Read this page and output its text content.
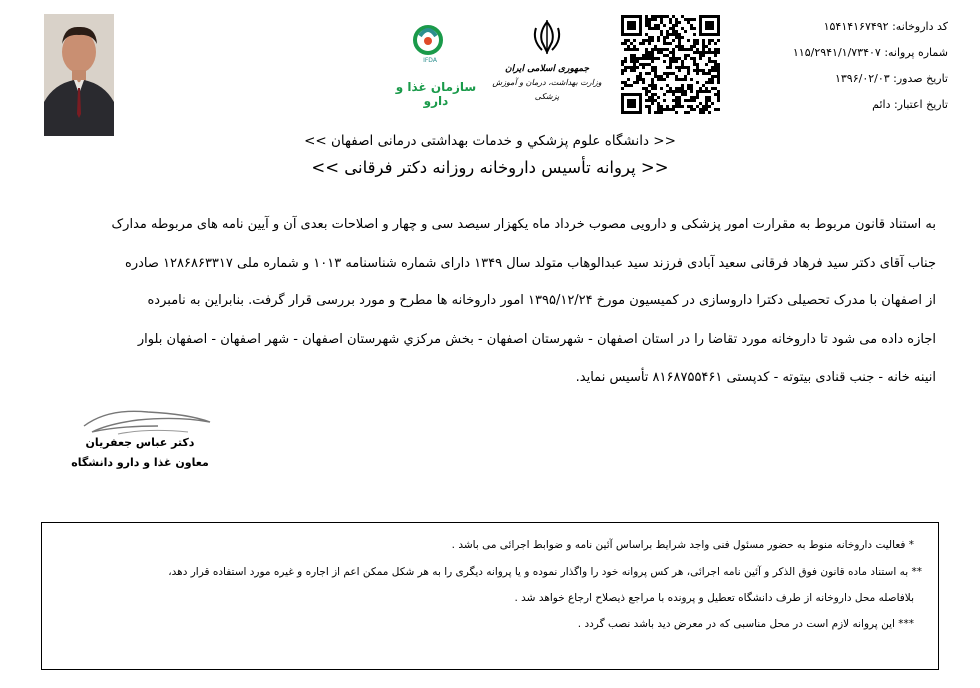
IFDA
سازمان غذا و دارو
جمهوری اسلامی ایران
وزارت بهداشت، درمان و آموزش پزشکی
کد داروخانه: ۱۵۴۱۴۱۶۷۴۹۲
شماره پروانه: ۱۱۵/۲۹۴۱/۱/۷۳۴۰۷
تاریخ صدور: ۱۳۹۶/۰۲/۰۳
تاریخ اعتبار: دائم
<< دانشگاه علوم پزشکي و خدمات بهداشتی درمانی اصفهان >>
<< پروانه تأسیس داروخانه روزانه دکتر فرقانی >>
به استناد قانون مربوط به مقرارت امور پزشکی و دارویی مصوب خرداد ماه یکهزار سیصد سی و چهار و اصلاحات بعدی آن و آیین نامه های مربوطه مدارک
جناب آقای دکتر سید فرهاد فرقانی سعید آبادی فرزند سید عبدالوهاب متولد سال ۱۳۴۹ دارای شماره شناسنامه ۱۰۱۳ و شماره ملی ۱۲۸۶۸۶۳۳۱۷ صادره
از اصفهان با مدرک تحصیلی دکترا داروسازی در کمیسیون مورخ ۱۳۹۵/۱۲/۲۴ امور داروخانه ها مطرح و مورد بررسی قرار گرفت. بنابراین به نامبرده
اجازه داده می شود تا داروخانه مورد تقاضا را در استان اصفهان - شهرستان اصفهان - بخش مرکزي شهرستان اصفهان - شهر اصفهان - اصفهان بلوار
انینه خانه - جنب قنادی بیتوته - کدپستی ۸۱۶۸۷۵۵۴۶۱ تأسیس نماید.
دکتر عباس جعفریان
معاون غذا و دارو دانشگاه
* فعالیت داروخانه منوط به حضور مسئول فنی واجد شرایط براساس آئین نامه و ضوابط اجرائی می باشد .
** به استناد ماده قانون فوق الذکر و آئین نامه اجرائی، هر کس پروانه خود را واگذار نموده و یا پروانه دیگری را به هر شکل ممکن اعم از اجاره و غیره مورد استفاده قرار دهد،
بلافاصله محل داروخانه از طرف دانشگاه تعطیل و پرونده با مراجع ذیصلاح ارجاع خواهد شد .
*** این پروانه لازم است در محل مناسبی که در معرض دید باشد نصب گردد .
